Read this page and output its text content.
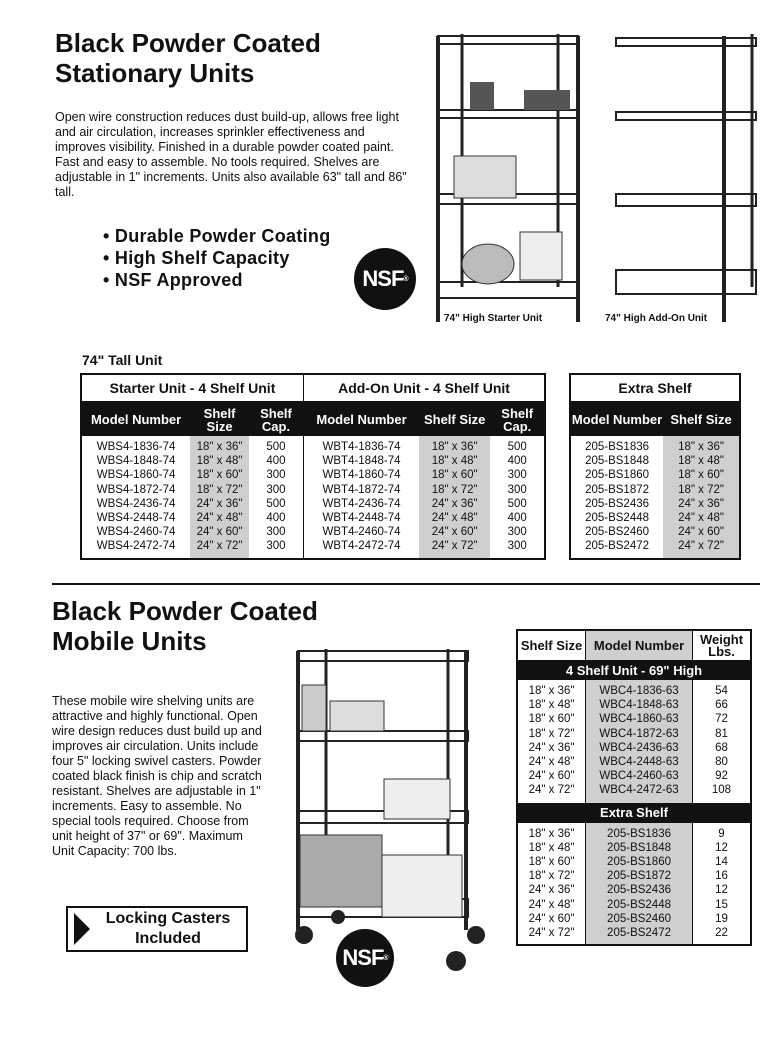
Black Powder Coated
Stationary Units
Open wire construction reduces dust build-up, allows free light and air circulation, increases sprinkler effectiveness and improves visibility. Finished in a durable powder coated paint. Fast and easy to assemble. No tools required. Shelves are adjustable in 1" increments. Units also available 63" tall and 86" tall.
• Durable Powder Coating
• High Shelf Capacity
• NSF Approved	NSF ®
74" High Starter Unit	74" High Add-On Unit
74" Tall Unit
Starter Unit - 4 Shelf Unit			Add-On Unit - 4 Shelf Unit		
Model Number	Shelf Size	Shelf Cap.	Model Number	Shelf Size	Shelf Cap.
WBS4-1836-74	18" x 36"	500	WBT4-1836-74	18" x 36"	500
WBS4-1848-74	18" x 48"	400	WBT4-1848-74	18" x 48"	400
WBS4-1860-74	18" x 60"	300	WBT4-1860-74	18" x 60"	300
WBS4-1872-74	18" x 72"	300	WBT4-1872-74	18" x 72"	300
WBS4-2436-74	24" x 36"	500	WBT4-2436-74	24" x 36"	500
WBS4-2448-74	24" x 48"	400	WBT4-2448-74	24" x 48"	400
WBS4-2460-74	24" x 60"	300	WBT4-2460-74	24" x 60"	300
WBS4-2472-74	24" x 72"	300	WBT4-2472-74	24" x 72"	300

Extra Shelf	
Model Number	Shelf Size
205-BS1836	18" x 36"
205-BS1848	18" x 48"
205-BS1860	18" x 60"
205-BS1872	18" x 72"
205-BS2436	24" x 36"
205-BS2448	24" x 48"
205-BS2460	24" x 60"
205-BS2472	24" x 72"

Black Powder Coated
Mobile Units
These mobile wire shelving units are attractive and highly functional. Open wire design reduces dust build up and improves air circulation. Units include four 5" locking swivel casters. Powder coated black finish is chip and scratch resistant. Shelves are adjustable in 1" increments. Easy to assemble. No special tools required. Choose from unit height of 37" or 69". Maximum Unit Capacity: 700 lbs.
Locking Casters
Included
NSF ®
Shelf Size	Model Number	Weight Lbs.
4 Shelf Unit - 69" High		
18" x 36"	WBC4-1836-63	54
18" x 48"	WBC4-1848-63	66
18" x 60"	WBC4-1860-63	72
18" x 72"	WBC4-1872-63	81
24" x 36"	WBC4-2436-63	68
24" x 48"	WBC4-2448-63	80
24" x 60"	WBC4-2460-63	92
24" x 72"	WBC4-2472-63	108

Extra Shelf		
18" x 36"	205-BS1836	9
18" x 48"	205-BS1848	12
18" x 60"	205-BS1860	14
18" x 72"	205-BS1872	16
24" x 36"	205-BS2436	12
24" x 48"	205-BS2448	15
24" x 60"	205-BS2460	19
24" x 72"	205-BS2472	22
